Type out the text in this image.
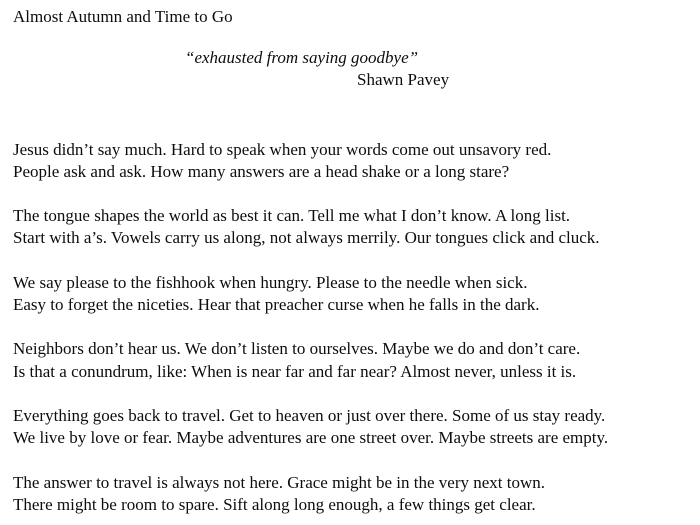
Almost Autumn and Time to Go
“exhausted from saying goodbye”
Shawn Pavey
Jesus didn’t say much. Hard to speak when your words come out unsavory red.
People ask and ask. How many answers are a head shake or a long stare?
The tongue shapes the world as best it can. Tell me what I don’t know. A long list.
Start with a’s. Vowels carry us along, not always merrily. Our tongues click and cluck.
We say please to the fishhook when hungry. Please to the needle when sick.
Easy to forget the niceties. Hear that preacher curse when he falls in the dark.
Neighbors don’t hear us. We don’t listen to ourselves. Maybe we do and don’t care.
Is that a conundrum, like: When is near far and far near? Almost never, unless it is.
Everything goes back to travel. Get to heaven or just over there. Some of us stay ready.
We live by love or fear. Maybe adventures are one street over. Maybe streets are empty.
The answer to travel is always not here. Grace might be in the very next town.
There might be room to spare. Sift along long enough, a few things get clear.
